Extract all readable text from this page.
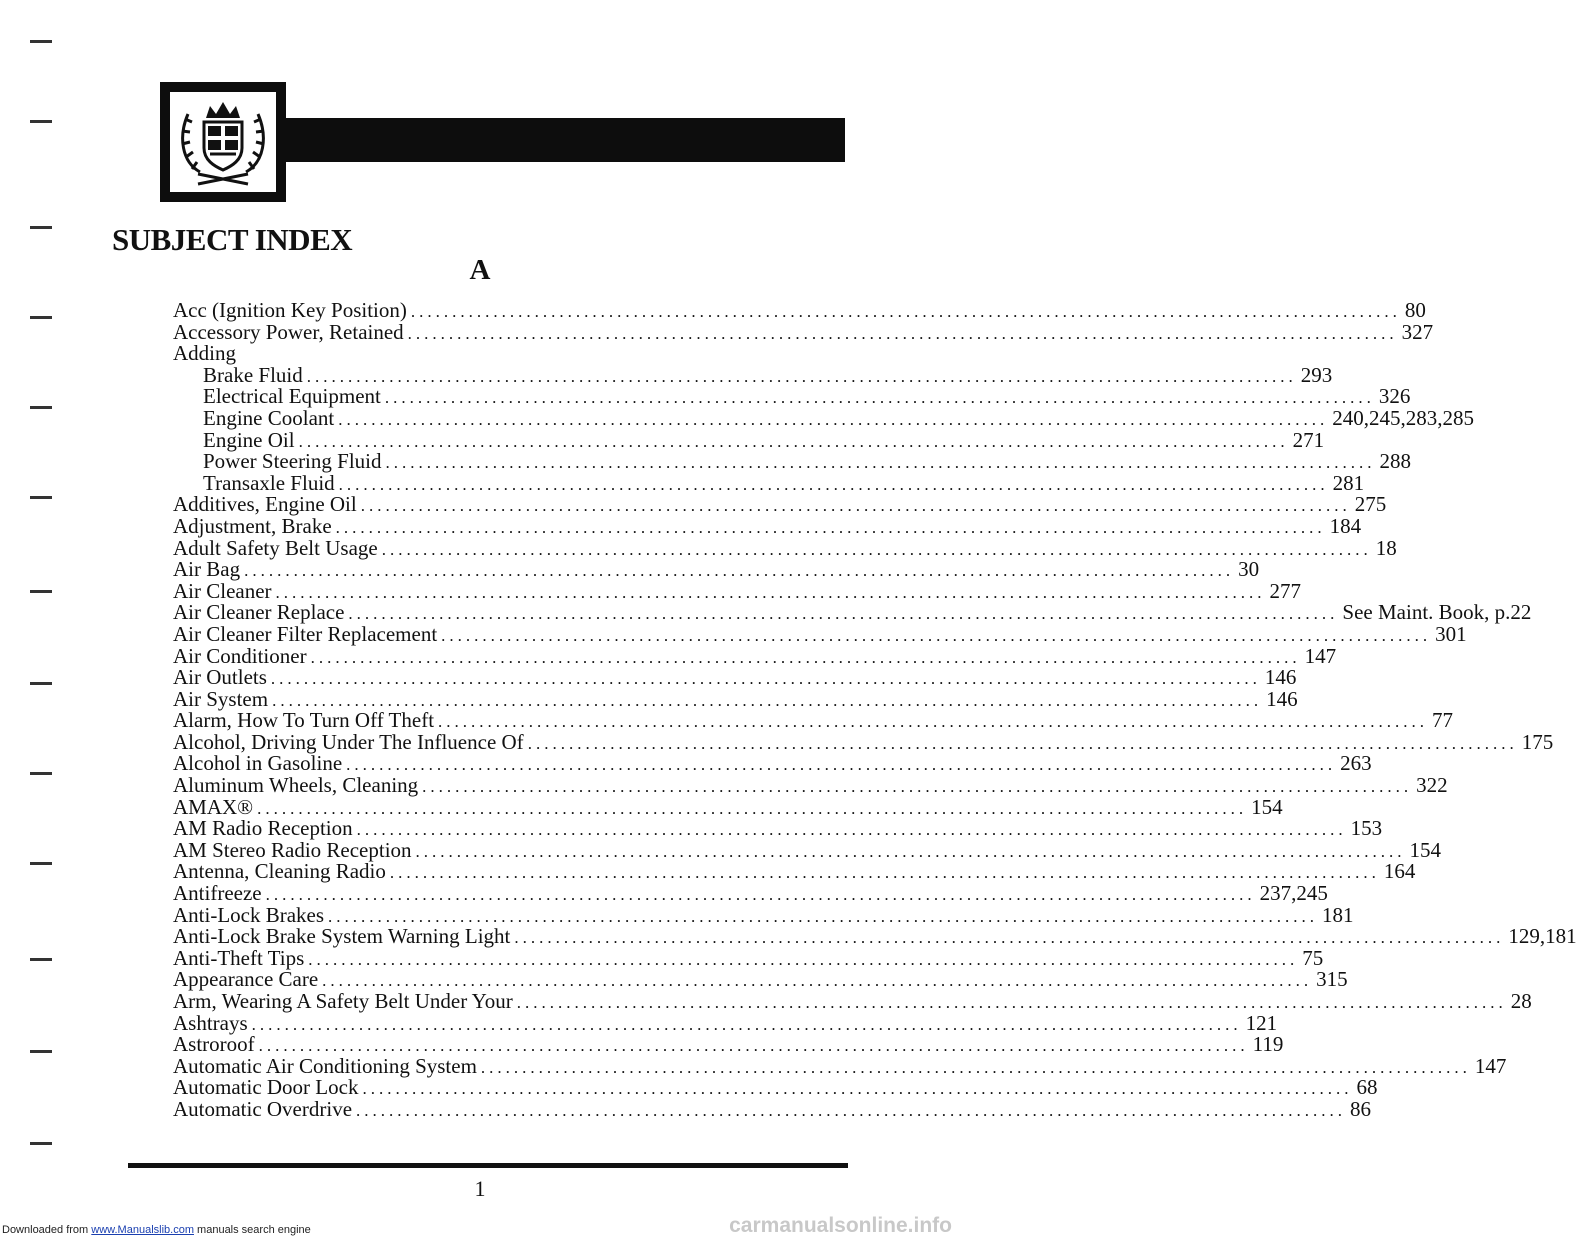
SUBJECT INDEX
A
Acc (Ignition Key Position) ........................................................................................................................ 80
Accessory Power, Retained ........................................................................................................................ 327
Adding
Brake Fluid ........................................................................................................................ 293
Electrical Equipment ........................................................................................................................ 326
Engine Coolant ........................................................................................................................ 240,245,283,285
Engine Oil ........................................................................................................................ 271
Power Steering Fluid ........................................................................................................................ 288
Transaxle Fluid ........................................................................................................................ 281
Additives, Engine Oil ........................................................................................................................ 275
Adjustment, Brake ........................................................................................................................ 184
Adult Safety Belt Usage ........................................................................................................................ 18
Air Bag ........................................................................................................................ 30
Air Cleaner ........................................................................................................................ 277
Air Cleaner Replace ........................................................................................................................ See Maint. Book, p.22
Air Cleaner Filter Replacement ........................................................................................................................ 301
Air Conditioner ........................................................................................................................ 147
Air Outlets ........................................................................................................................ 146
Air System ........................................................................................................................ 146
Alarm, How To Turn Off Theft ........................................................................................................................ 77
Alcohol, Driving Under The Influence Of ........................................................................................................................ 175
Alcohol in Gasoline ........................................................................................................................ 263
Aluminum Wheels, Cleaning ........................................................................................................................ 322
AMAX® ........................................................................................................................ 154
AM Radio Reception ........................................................................................................................ 153
AM Stereo Radio Reception ........................................................................................................................ 154
Antenna, Cleaning Radio ........................................................................................................................ 164
Antifreeze ........................................................................................................................ 237,245
Anti-Lock Brakes ........................................................................................................................ 181
Anti-Lock Brake System Warning Light ........................................................................................................................ 129,181
Anti-Theft Tips ........................................................................................................................ 75
Appearance Care ........................................................................................................................ 315
Arm, Wearing A Safety Belt Under Your ........................................................................................................................ 28
Ashtrays ........................................................................................................................ 121
Astroroof ........................................................................................................................ 119
Automatic Air Conditioning System ........................................................................................................................ 147
Automatic Door Lock ........................................................................................................................ 68
Automatic Overdrive ........................................................................................................................ 86
1
Downloaded from www.Manualslib.com manuals search engine	carmanualsonline.info
